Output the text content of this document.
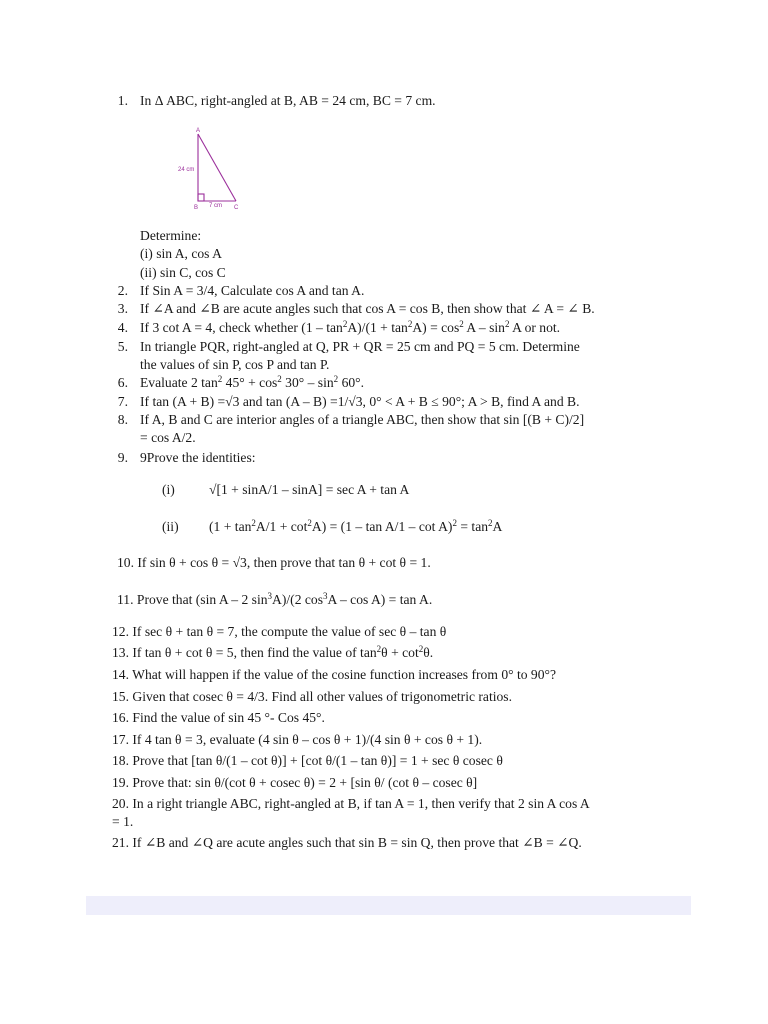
1. In Δ ABC, right-angled at B, AB = 24 cm, BC = 7 cm.
A
B	C
24 cm
7 cm
Determine:
(i) sin A, cos A
(ii) sin C, cos C
2. If Sin A = 3/4, Calculate cos A and tan A.
3. If ∠A and ∠B are acute angles such that cos A = cos B, then show that ∠ A = ∠ B.
4. If 3 cot A = 4, check whether $(1 - \tan^2A)/(1 + \tan^2A) = \cos^2 A - \sin^2 A$ or not.
5. In triangle PQR, right-angled at Q, PR + QR = 25 cm and PQ = 5 cm. Determine
the values of sin P, cos P and tan P.
6. Evaluate 2 $\tan^2 45^\circ + \cos^2 30^\circ - \sin^2 60^\circ$.
7. If tan (A + B) =√3 and tan (A – B) =1/√3, 0° < A + B ≤ 90°; A > B, find A and B.
8. If A, B and C are interior angles of a triangle ABC, then show that sin [(B + C)/2]
= cos A/2.
9. 9Prove the identities:
(i)	√[1 + sinA/1 – sinA] = sec A + tan A
(ii) $(1 + \tan^2A/1 + \cot^2A) = (1 - \tan A/1 - \cot A)^2 = \tan^2A$
10. If sin θ + cos θ = √3, then prove that tan θ + cot θ = 1.
11. Prove that (sin A – 2 $\sin^3A)/(2$ $\cos^3A - \cos A) = \tan A$.
12. If sec θ + tan θ = 7, the compute the value of sec θ – tan θ
13. If tan θ + cot θ = 5, then find the value of $\tan^2\theta + \cot^2\theta$.
14. What will happen if the value of the cosine function increases from 0° to 90°?
15. Given that cosec θ = 4/3. Find all other values of trigonometric ratios.
16. Find the value of sin 45 °- Cos 45°.
17. If 4 tan θ = 3, evaluate (4 sin θ – cos θ + 1)/(4 sin θ + cos θ + 1).
18. Prove that [tan θ/(1 – cot θ)] + [cot θ/(1 – tan θ)] = 1 + sec θ cosec θ
19. Prove that: sin θ/(cot θ + cosec θ) = 2 + [sin θ/ (cot θ – cosec θ]
20. In a right triangle ABC, right-angled at B, if tan A = 1, then verify that 2 sin A cos A
= 1.
21. If ∠B and ∠Q are acute angles such that sin B = sin Q, then prove that ∠B = ∠Q.
